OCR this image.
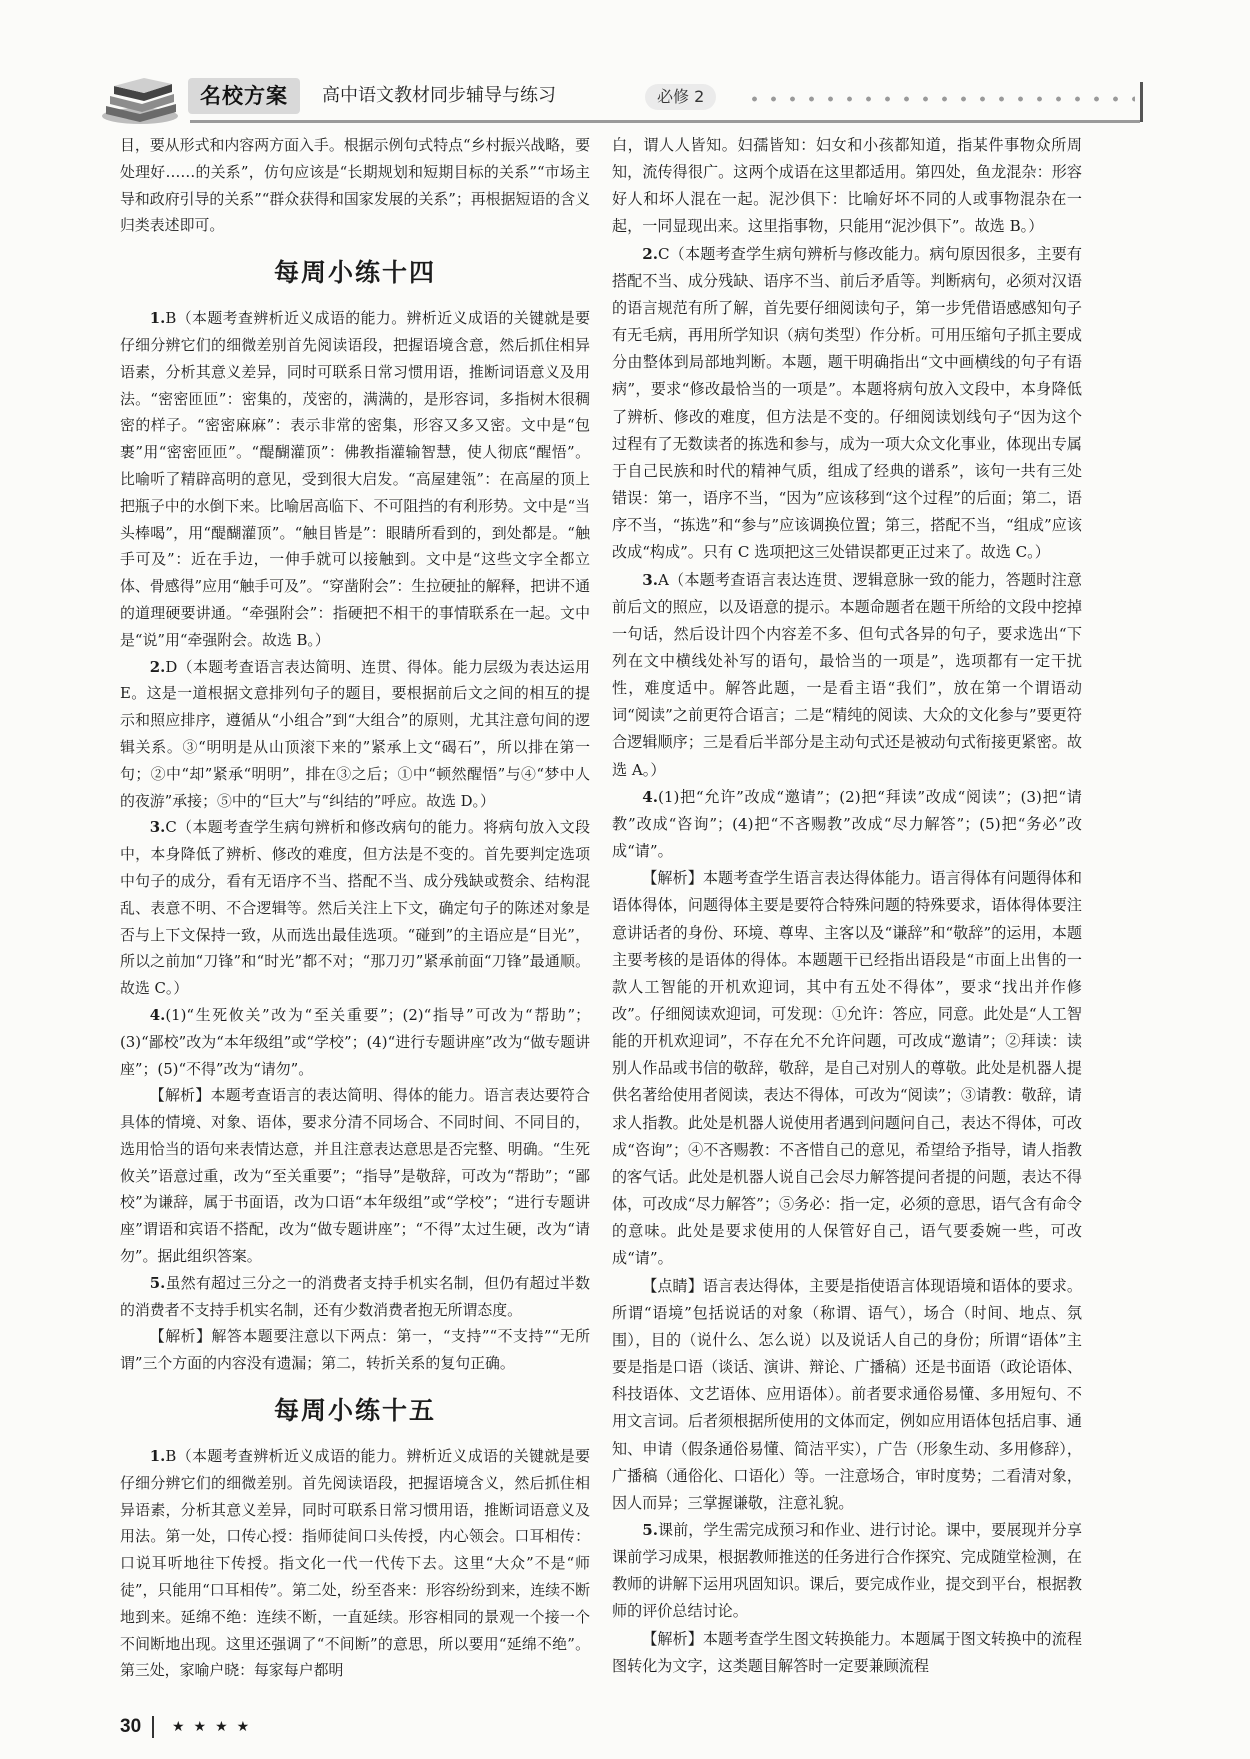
名校方案	高中语文教材同步辅导与练习	必修 2

目，要从形式和内容两方面入手。根据示例句式特点“乡村振兴战略，要处理好……的关系”，仿句应该是“长期规划和短期目标的关系”“市场主导和政府引导的关系”“群众获得和国家发展的关系”；再根据短语的含义归类表述即可。

每周小练十四

1.B（本题考查辨析近义成语的能力。辨析近义成语的关键就是要仔细分辨它们的细微差别首先阅读语段，把握语境含意，然后抓住相异语素，分析其意义差异，同时可联系日常习惯用语，推断词语意义及用法。“密密匝匝”：密集的，茂密的，满满的，是形容词，多指树木很稠密的样子。“密密麻麻”：表示非常的密集，形容又多又密。文中是“包裹”用“密密匝匝”。“醍醐灌顶”：佛教指灌输智慧，使人彻底“醒悟”。比喻听了精辟高明的意见，受到很大启发。“高屋建瓴”：在高屋的顶上把瓶子中的水倒下来。比喻居高临下、不可阻挡的有利形势。文中是“当头棒喝”，用“醍醐灌顶”。“触目皆是”：眼睛所看到的，到处都是。“触手可及”：近在手边，一伸手就可以接触到。文中是“这些文字全都立体、骨感得”应用“触手可及”。“穿凿附会”：生拉硬扯的解释，把讲不通的道理硬要讲通。“牵强附会”：指硬把不相干的事情联系在一起。文中是“说”用“牵强附会。故选 B。）

2.D（本题考查语言表达简明、连贯、得体。能力层级为表达运用 E。这是一道根据文意排列句子的题目，要根据前后文之间的相互的提示和照应排序，遵循从“小组合”到“大组合”的原则，尤其注意句间的逻辑关系。③“明明是从山顶滚下来的”紧承上文“碣石”，所以排在第一句；②中“却”紧承“明明”，排在③之后；①中“顿然醒悟”与④“梦中人的夜游”承接；⑤中的“巨大”与“纠结的”呼应。故选 D。）

3.C（本题考查学生病句辨析和修改病句的能力。将病句放入文段中，本身降低了辨析、修改的难度，但方法是不变的。首先要判定选项中句子的成分，看有无语序不当、搭配不当、成分残缺或赘余、结构混乱、表意不明、不合逻辑等。然后关注上下文，确定句子的陈述对象是否与上下文保持一致，从而选出最佳选项。“碰到”的主语应是“目光”，所以之前加“刀锋”和“时光”都不对；“那刀刃”紧承前面“刀锋”最通顺。故选 C。）

4.(1)“生死攸关”改为“至关重要”；(2)“指导”可改为“帮助”；(3)“鄙校”改为“本年级组”或“学校”；(4)“进行专题讲座”改为“做专题讲座”；(5)“不得”改为“请勿”。

【解析】本题考查语言的表达简明、得体的能力。语言表达要符合具体的情境、对象、语体，要求分清不同场合、不同时间、不同目的，选用恰当的语句来表情达意，并且注意表达意思是否完整、明确。“生死攸关”语意过重，改为“至关重要”；“指导”是敬辞，可改为“帮助”；“鄙校”为谦辞，属于书面语，改为口语“本年级组”或“学校”；“进行专题讲座”谓语和宾语不搭配，改为“做专题讲座”；“不得”太过生硬，改为“请勿”。据此组织答案。

5.虽然有超过三分之一的消费者支持手机实名制，但仍有超过半数的消费者不支持手机实名制，还有少数消费者抱无所谓态度。

【解析】解答本题要注意以下两点：第一，“支持”“不支持”“无所谓”三个方面的内容没有遗漏；第二，转折关系的复句正确。

每周小练十五

1.B（本题考查辨析近义成语的能力。辨析近义成语的关键就是要仔细分辨它们的细微差别。首先阅读语段，把握语境含义，然后抓住相异语素，分析其意义差异，同时可联系日常习惯用语，推断词语意义及用法。第一处，口传心授：指师徒间口头传授，内心领会。口耳相传：口说耳听地往下传授。指文化一代一代传下去。这里“大众”不是“师徒”，只能用“口耳相传”。第二处，纷至沓来：形容纷纷到来，连续不断地到来。延绵不绝：连续不断，一直延续。形容相同的景观一个接一个不间断地出现。这里还强调了“不间断”的意思，所以要用“延绵不绝”。第三处，家喻户晓：每家每户都明

白，谓人人皆知。妇孺皆知：妇女和小孩都知道，指某件事物众所周知，流传得很广。这两个成语在这里都适用。第四处，鱼龙混杂：形容好人和坏人混在一起。泥沙俱下：比喻好坏不同的人或事物混杂在一起，一同显现出来。这里指事物，只能用“泥沙俱下”。故选 B。）

2.C（本题考查学生病句辨析与修改能力。病句原因很多，主要有搭配不当、成分残缺、语序不当、前后矛盾等。判断病句，必须对汉语的语言规范有所了解，首先要仔细阅读句子，第一步凭借语感感知句子有无毛病，再用所学知识（病句类型）作分析。可用压缩句子抓主要成分由整体到局部地判断。本题，题干明确指出“文中画横线的句子有语病”，要求“修改最恰当的一项是”。本题将病句放入文段中，本身降低了辨析、修改的难度，但方法是不变的。仔细阅读划线句子“因为这个过程有了无数读者的拣选和参与，成为一项大众文化事业，体现出专属于自己民族和时代的精神气质，组成了经典的谱系”，该句一共有三处错误：第一，语序不当，“因为”应该移到“这个过程”的后面；第二，语序不当，“拣选”和“参与”应该调换位置；第三，搭配不当，“组成”应该改成“构成”。只有 C 选项把这三处错误都更正过来了。故选 C。）

3.A（本题考查语言表达连贯、逻辑意脉一致的能力，答题时注意前后文的照应，以及语意的提示。本题命题者在题干所给的文段中挖掉一句话，然后设计四个内容差不多、但句式各异的句子，要求选出“下列在文中横线处补写的语句，最恰当的一项是”，选项都有一定干扰性，难度适中。解答此题，一是看主语“我们”，放在第一个谓语动词“阅读”之前更符合语言；二是“精纯的阅读、大众的文化参与”要更符合逻辑顺序；三是看后半部分是主动句式还是被动句式衔接更紧密。故选 A。）

4.(1)把“允许”改成“邀请”；(2)把“拜读”改成“阅读”；(3)把“请教”改成“咨询”；(4)把“不吝赐教”改成“尽力解答”；(5)把“务必”改成“请”。

【解析】本题考查学生语言表达得体能力。语言得体有问题得体和语体得体，问题得体主要是要符合特殊问题的特殊要求，语体得体要注意讲话者的身份、环境、尊卑、主客以及“谦辞”和“敬辞”的运用，本题主要考核的是语体的得体。本题题干已经指出语段是“市面上出售的一款人工智能的开机欢迎词，其中有五处不得体”，要求“找出并作修改”。仔细阅读欢迎词，可发现：①允许：答应，同意。此处是“人工智能的开机欢迎词”，不存在允不允许问题，可改成“邀请”；②拜读：读别人作品或书信的敬辞，敬辞，是自己对别人的尊敬。此处是机器人提供名著给使用者阅读，表达不得体，可改为“阅读”；③请教：敬辞，请求人指教。此处是机器人说使用者遇到问题问自己，表达不得体，可改成“咨询”；④不吝赐教：不吝惜自己的意见，希望给予指导，请人指教的客气话。此处是机器人说自己会尽力解答提问者提的问题，表达不得体，可改成“尽力解答”；⑤务必：指一定，必须的意思，语气含有命令的意味。此处是要求使用的人保管好自己，语气要委婉一些，可改成“请”。

【点睛】语言表达得体，主要是指使语言体现语境和语体的要求。所谓“语境”包括说话的对象（称谓、语气），场合（时间、地点、氛围），目的（说什么、怎么说）以及说话人自己的身份；所谓“语体”主要是指是口语（谈话、演讲、辩论、广播稿）还是书面语（政论语体、科技语体、文艺语体、应用语体）。前者要求通俗易懂、多用短句、不用文言词。后者须根据所使用的文体而定，例如应用语体包括启事、通知、申请（假条通俗易懂、简洁平实），广告（形象生动、多用修辞），广播稿（通俗化、口语化）等。一注意场合，审时度势；二看清对象，因人而异；三掌握谦敬，注意礼貌。

5.课前，学生需完成预习和作业、进行讨论。课中，要展现并分享课前学习成果，根据教师推送的任务进行合作探究、完成随堂检测，在教师的讲解下运用巩固知识。课后，要完成作业，提交到平台，根据教师的评价总结讨论。

【解析】本题考查学生图文转换能力。本题属于图文转换中的流程图转化为文字，这类题目解答时一定要兼顾流程

30 ★★★★
